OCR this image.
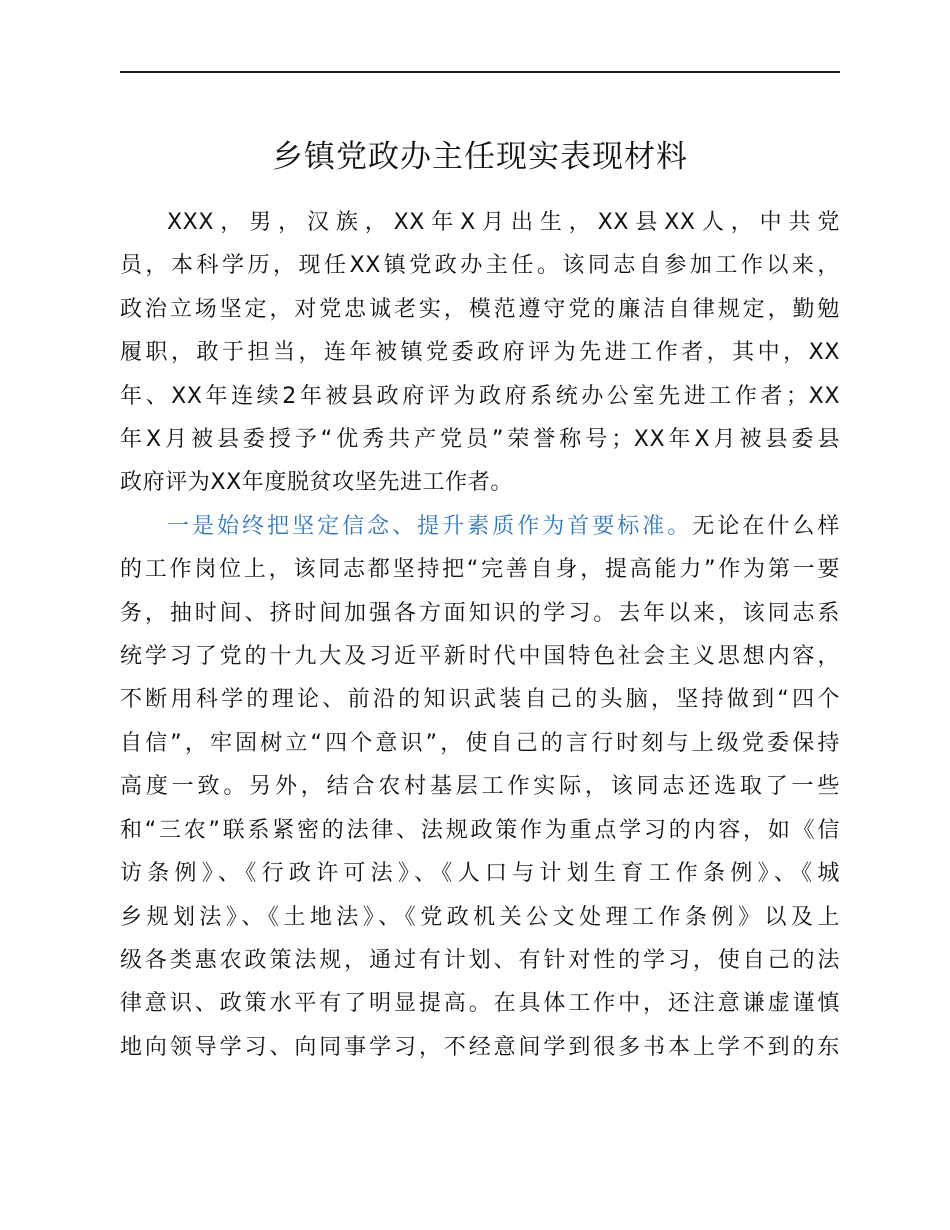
乡镇党政办主任现实表现材料
XXX，男，汉族，XX年X月出生，XX县XX人，中共党
员，本科学历，现任XX镇党政办主任。该同志自参加工作以来，
政治立场坚定，对党忠诚老实，模范遵守党的廉洁自律规定，勤勉
履职，敢于担当，连年被镇党委政府评为先进工作者，其中，XX
年、XX年连续2年被县政府评为政府系统办公室先进工作者；XX
年X月被县委授予“优秀共产党员”荣誉称号；XX年X月被县委县
政府评为XX年度脱贫攻坚先进工作者。
一是始终把坚定信念、提升素质作为首要标准。无论在什么样
的工作岗位上，该同志都坚持把“完善自身，提高能力”作为第一要
务，抽时间、挤时间加强各方面知识的学习。去年以来，该同志系
统学习了党的十九大及习近平新时代中国特色社会主义思想内容，
不断用科学的理论、前沿的知识武装自己的头脑，坚持做到“四个
自信”，牢固树立“四个意识”，使自己的言行时刻与上级党委保持
高度一致。另外，结合农村基层工作实际，该同志还选取了一些
和“三农”联系紧密的法律、法规政策作为重点学习的内容，如《信
访条例》、《行政许可法》、《人口与计划生育工作条例》、《城
乡规划法》、《土地法》、《党政机关公文处理工作条例》以及上
级各类惠农政策法规，通过有计划、有针对性的学习，使自己的法
律意识、政策水平有了明显提高。在具体工作中，还注意谦虚谨慎
地向领导学习、向同事学习，不经意间学到很多书本上学不到的东
